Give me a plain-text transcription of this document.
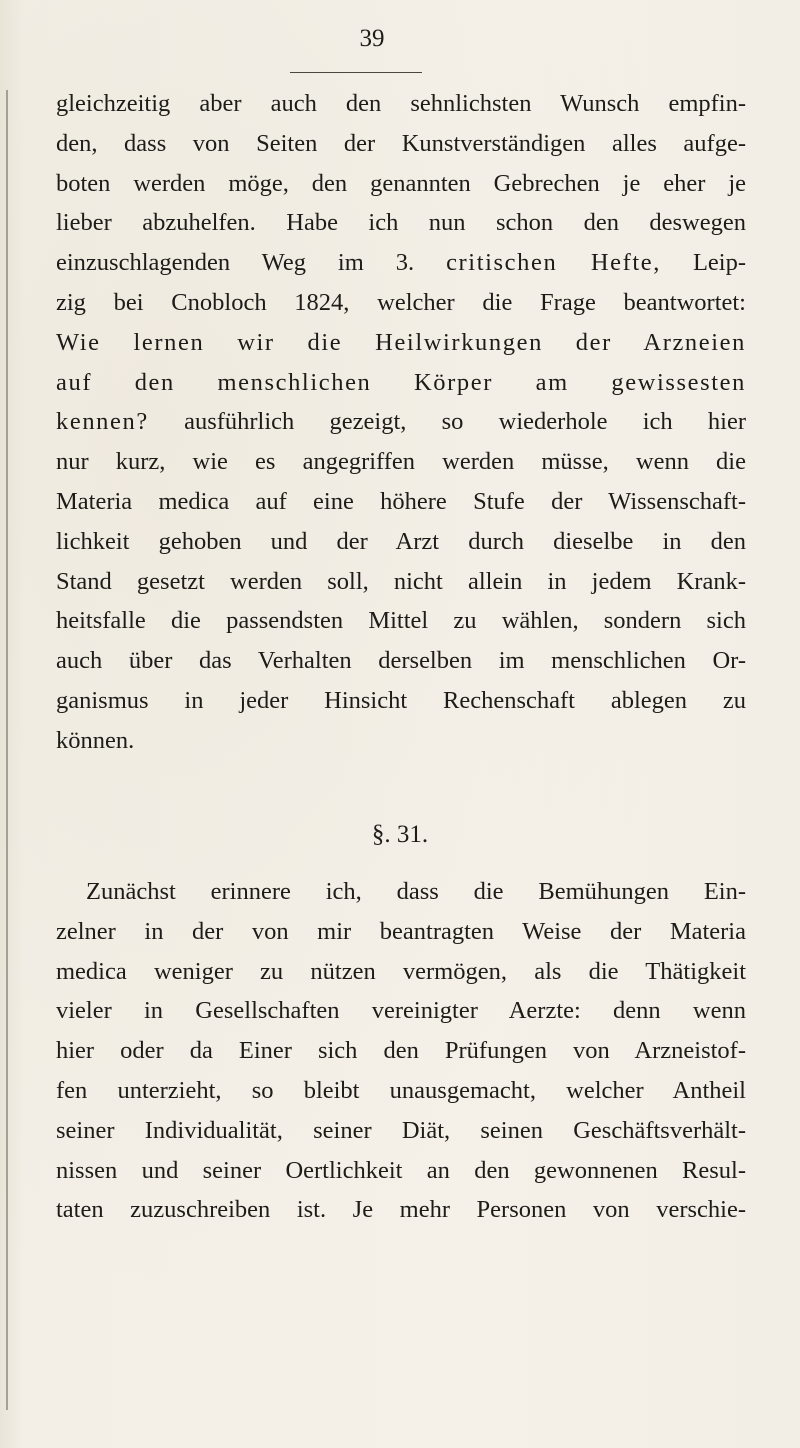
39
gleichzeitig aber auch den sehnlichsten Wunsch empfin-
den, dass von Seiten der Kunstverständigen alles aufge-
boten werden möge, den genannten Gebrechen je eher je
lieber abzuhelfen. Habe ich nun schon den deswegen
einzuschlagenden Weg im 3. critischen Hefte, Leip-
zig bei Cnobloch 1824, welcher die Frage beantwortet:
Wie lernen wir die Heilwirkungen der Arzneien
auf den menschlichen Körper am gewissesten
kennen? ausführlich gezeigt, so wiederhole ich hier
nur kurz, wie es angegriffen werden müsse, wenn die
Materia medica auf eine höhere Stufe der Wissenschaft-
lichkeit gehoben und der Arzt durch dieselbe in den
Stand gesetzt werden soll, nicht allein in jedem Krank-
heitsfalle die passendsten Mittel zu wählen, sondern sich
auch über das Verhalten derselben im menschlichen Or-
ganismus in jeder Hinsicht Rechenschaft ablegen zu
können.
§. 31.
Zunächst erinnere ich, dass die Bemühungen Ein-
zelner in der von mir beantragten Weise der Materia
medica weniger zu nützen vermögen, als die Thätigkeit
vieler in Gesellschaften vereinigter Aerzte: denn wenn
hier oder da Einer sich den Prüfungen von Arzneistof-
fen unterzieht, so bleibt unausgemacht, welcher Antheil
seiner Individualität, seiner Diät, seinen Geschäftsverhält-
nissen und seiner Oertlichkeit an den gewonnenen Resul-
taten zuzuschreiben ist. Je mehr Personen von verschie-
